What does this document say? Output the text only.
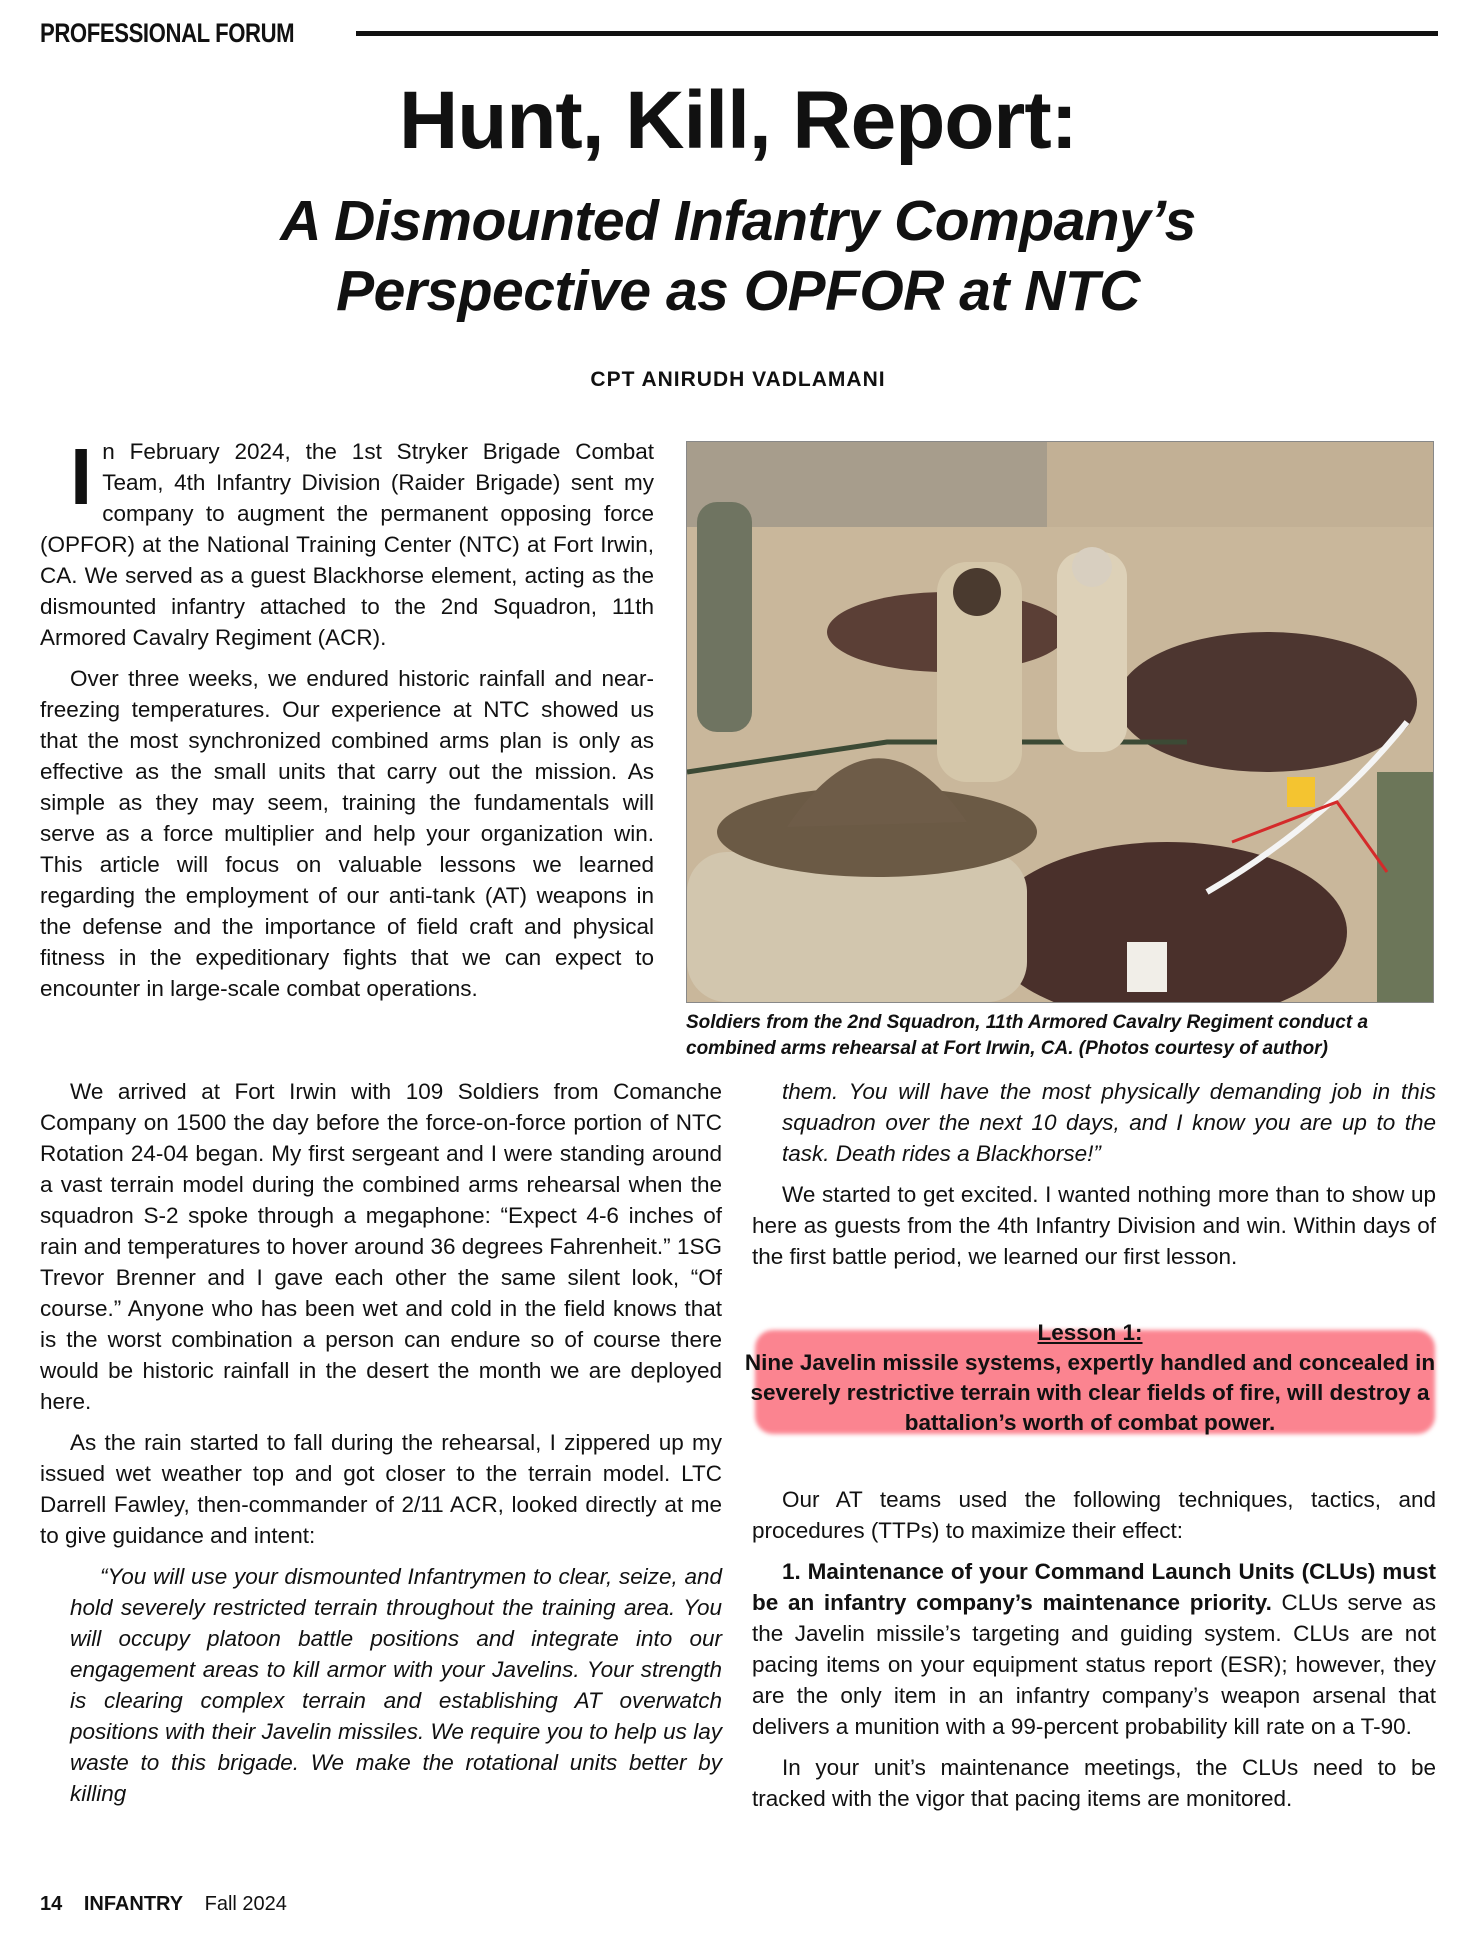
PROFESSIONAL FORUM
Hunt, Kill, Report:
A Dismounted Infantry Company’s
Perspective as OPFOR at NTC
CPT ANIRUDH VADLAMANI

In February 2024, the 1st Stryker Brigade Combat Team, 4th Infantry Division (Raider Brigade) sent my company to augment the permanent opposing force (OPFOR) at the National Training Center (NTC) at Fort Irwin, CA. We served as a guest Blackhorse element, acting as the dismounted infantry attached to the 2nd Squadron, 11th Armored Cavalry Regiment (ACR).

Over three weeks, we endured historic rainfall and near-freezing temperatures. Our experience at NTC showed us that the most synchronized combined arms plan is only as effective as the small units that carry out the mission. As simple as they may seem, training the fundamentals will serve as a force multiplier and help your organization win. This article will focus on valuable lessons we learned regarding the employment of our anti-tank (AT) weapons in the defense and the importance of field craft and physical fitness in the expeditionary fights that we can expect to encounter in large-scale combat operations.

Soldiers from the 2nd Squadron, 11th Armored Cavalry Regiment conduct a combined arms rehearsal at Fort Irwin, CA. (Photos courtesy of author)

We arrived at Fort Irwin with 109 Soldiers from Comanche Company on 1500 the day before the force-on-force portion of NTC Rotation 24-04 began. My first sergeant and I were standing around a vast terrain model during the combined arms rehearsal when the squadron S-2 spoke through a megaphone: “Expect 4-6 inches of rain and temperatures to hover around 36 degrees Fahrenheit.” 1SG Trevor Brenner and I gave each other the same silent look, “Of course.” Anyone who has been wet and cold in the field knows that is the worst combination a person can endure so of course there would be historic rainfall in the desert the month we are deployed here.

As the rain started to fall during the rehearsal, I zippered up my issued wet weather top and got closer to the terrain model. LTC Darrell Fawley, then-commander of 2/11 ACR, looked directly at me to give guidance and intent:

“You will use your dismounted Infantrymen to clear, seize, and hold severely restricted terrain throughout the training area. You will occupy platoon battle positions and integrate into our engagement areas to kill armor with your Javelins. Your strength is clearing complex terrain and establishing AT overwatch positions with their Javelin missiles. We require you to help us lay waste to this brigade. We make the rotational units better by killing

them. You will have the most physically demanding job in this squadron over the next 10 days, and I know you are up to the task. Death rides a Blackhorse!”

We started to get excited. I wanted nothing more than to show up here as guests from the 4th Infantry Division and win. Within days of the first battle period, we learned our first lesson.

Lesson 1:
Nine Javelin missile systems, expertly handled and concealed in severely restrictive terrain with clear fields of fire, will destroy a battalion’s worth of combat power.

Our AT teams used the following techniques, tactics, and procedures (TTPs) to maximize their effect:

1. Maintenance of your Command Launch Units (CLUs) must be an infantry company’s maintenance priority. CLUs serve as the Javelin missile’s targeting and guiding system. CLUs are not pacing items on your equipment status report (ESR); however, they are the only item in an infantry company’s weapon arsenal that delivers a munition with a 99-percent probability kill rate on a T-90.

In your unit’s maintenance meetings, the CLUs need to be tracked with the vigor that pacing items are monitored.

14 INFANTRY Fall 2024
